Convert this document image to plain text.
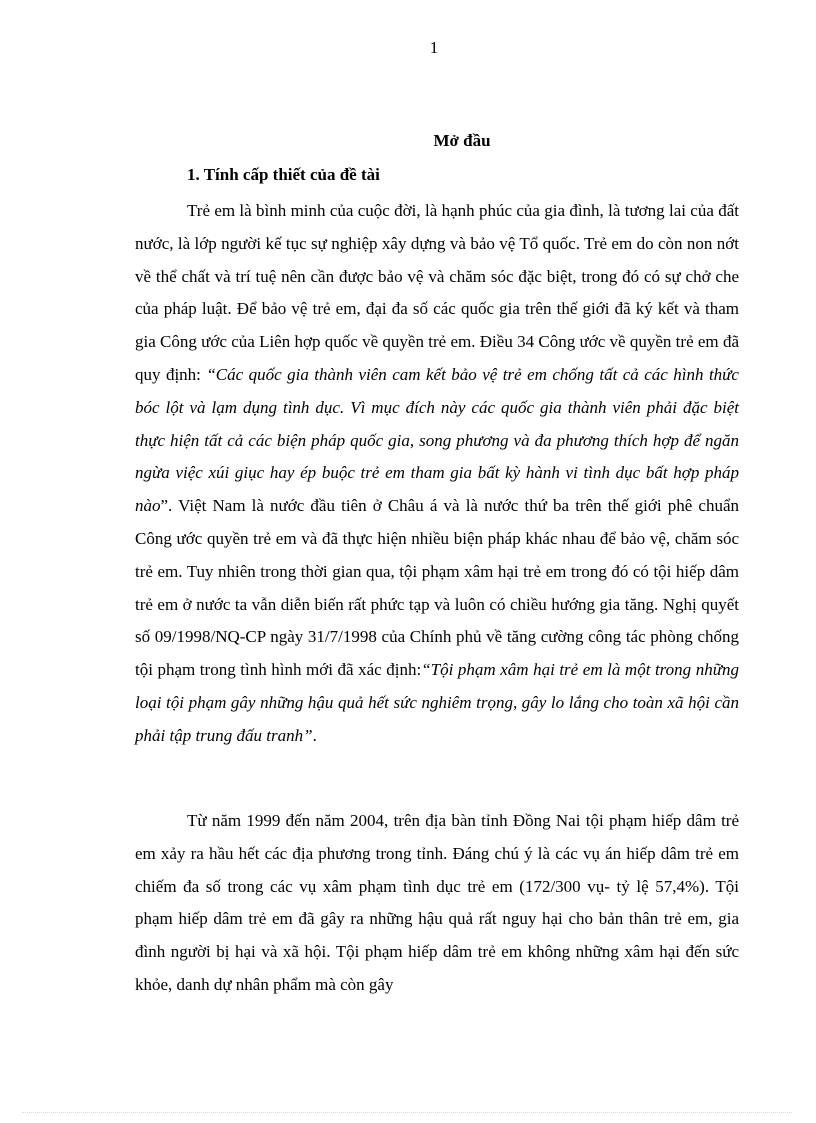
1
Mở đầu
1. Tính cấp thiết của đề tài

Trẻ em là bình minh của cuộc đời, là hạnh phúc của gia đình, là tương lai của đất nước, là lớp người kế tục sự nghiệp xây dựng và bảo vệ Tổ quốc. Trẻ em do còn non nớt về thể chất và trí tuệ nên cần được bảo vệ và chăm sóc đặc biệt, trong đó có sự chở che của pháp luật. Để bảo vệ trẻ em, đại đa số các quốc gia trên thế giới đã ký kết và tham gia Công ước của Liên hợp quốc về quyền trẻ em. Điều 34 Công ước về quyền trẻ em đã quy định: “Các quốc gia thành viên cam kết bảo vệ trẻ em chống tất cả các hình thức bóc lột và lạm dụng tình dục. Vì mục đích này các quốc gia thành viên phải đặc biệt thực hiện tất cả các biện pháp quốc gia, song phương và đa phương thích hợp để ngăn ngừa việc xúi giục hay ép buộc trẻ em tham gia bất kỳ hành vi tình dục bất hợp pháp nào”. Việt Nam là nước đầu tiên ở Châu á và là nước thứ ba trên thế giới phê chuẩn Công ước quyền trẻ em và đã thực hiện nhiều biện pháp khác nhau để bảo vệ, chăm sóc trẻ em. Tuy nhiên trong thời gian qua, tội phạm xâm hại trẻ em trong đó có tội hiếp dâm trẻ em ở nước ta vẫn diễn biến rất phức tạp và luôn có chiều hướng gia tăng. Nghị quyết số 09/1998/NQ-CP ngày 31/7/1998 của Chính phủ về tăng cường công tác phòng chống tội phạm trong tình hình mới đã xác định:“Tội phạm xâm hại trẻ em là một trong những loại tội phạm gây những hậu quả hết sức nghiêm trọng, gây lo lắng cho toàn xã hội cần phải tập trung đấu tranh”.

Từ năm 1999 đến năm 2004, trên địa bàn tỉnh Đồng Nai tội phạm hiếp dâm trẻ em xảy ra hầu hết các địa phương trong tỉnh. Đáng chú ý là các vụ án hiếp dâm trẻ em chiếm đa số trong các vụ xâm phạm tình dục trẻ em (172/300 vụ- tỷ lệ 57,4%). Tội phạm hiếp dâm trẻ em đã gây ra những hậu quả rất nguy hại cho bản thân trẻ em, gia đình người bị hại và xã hội. Tội phạm hiếp dâm trẻ em không những xâm hại đến sức khỏe, danh dự nhân phẩm mà còn gây
